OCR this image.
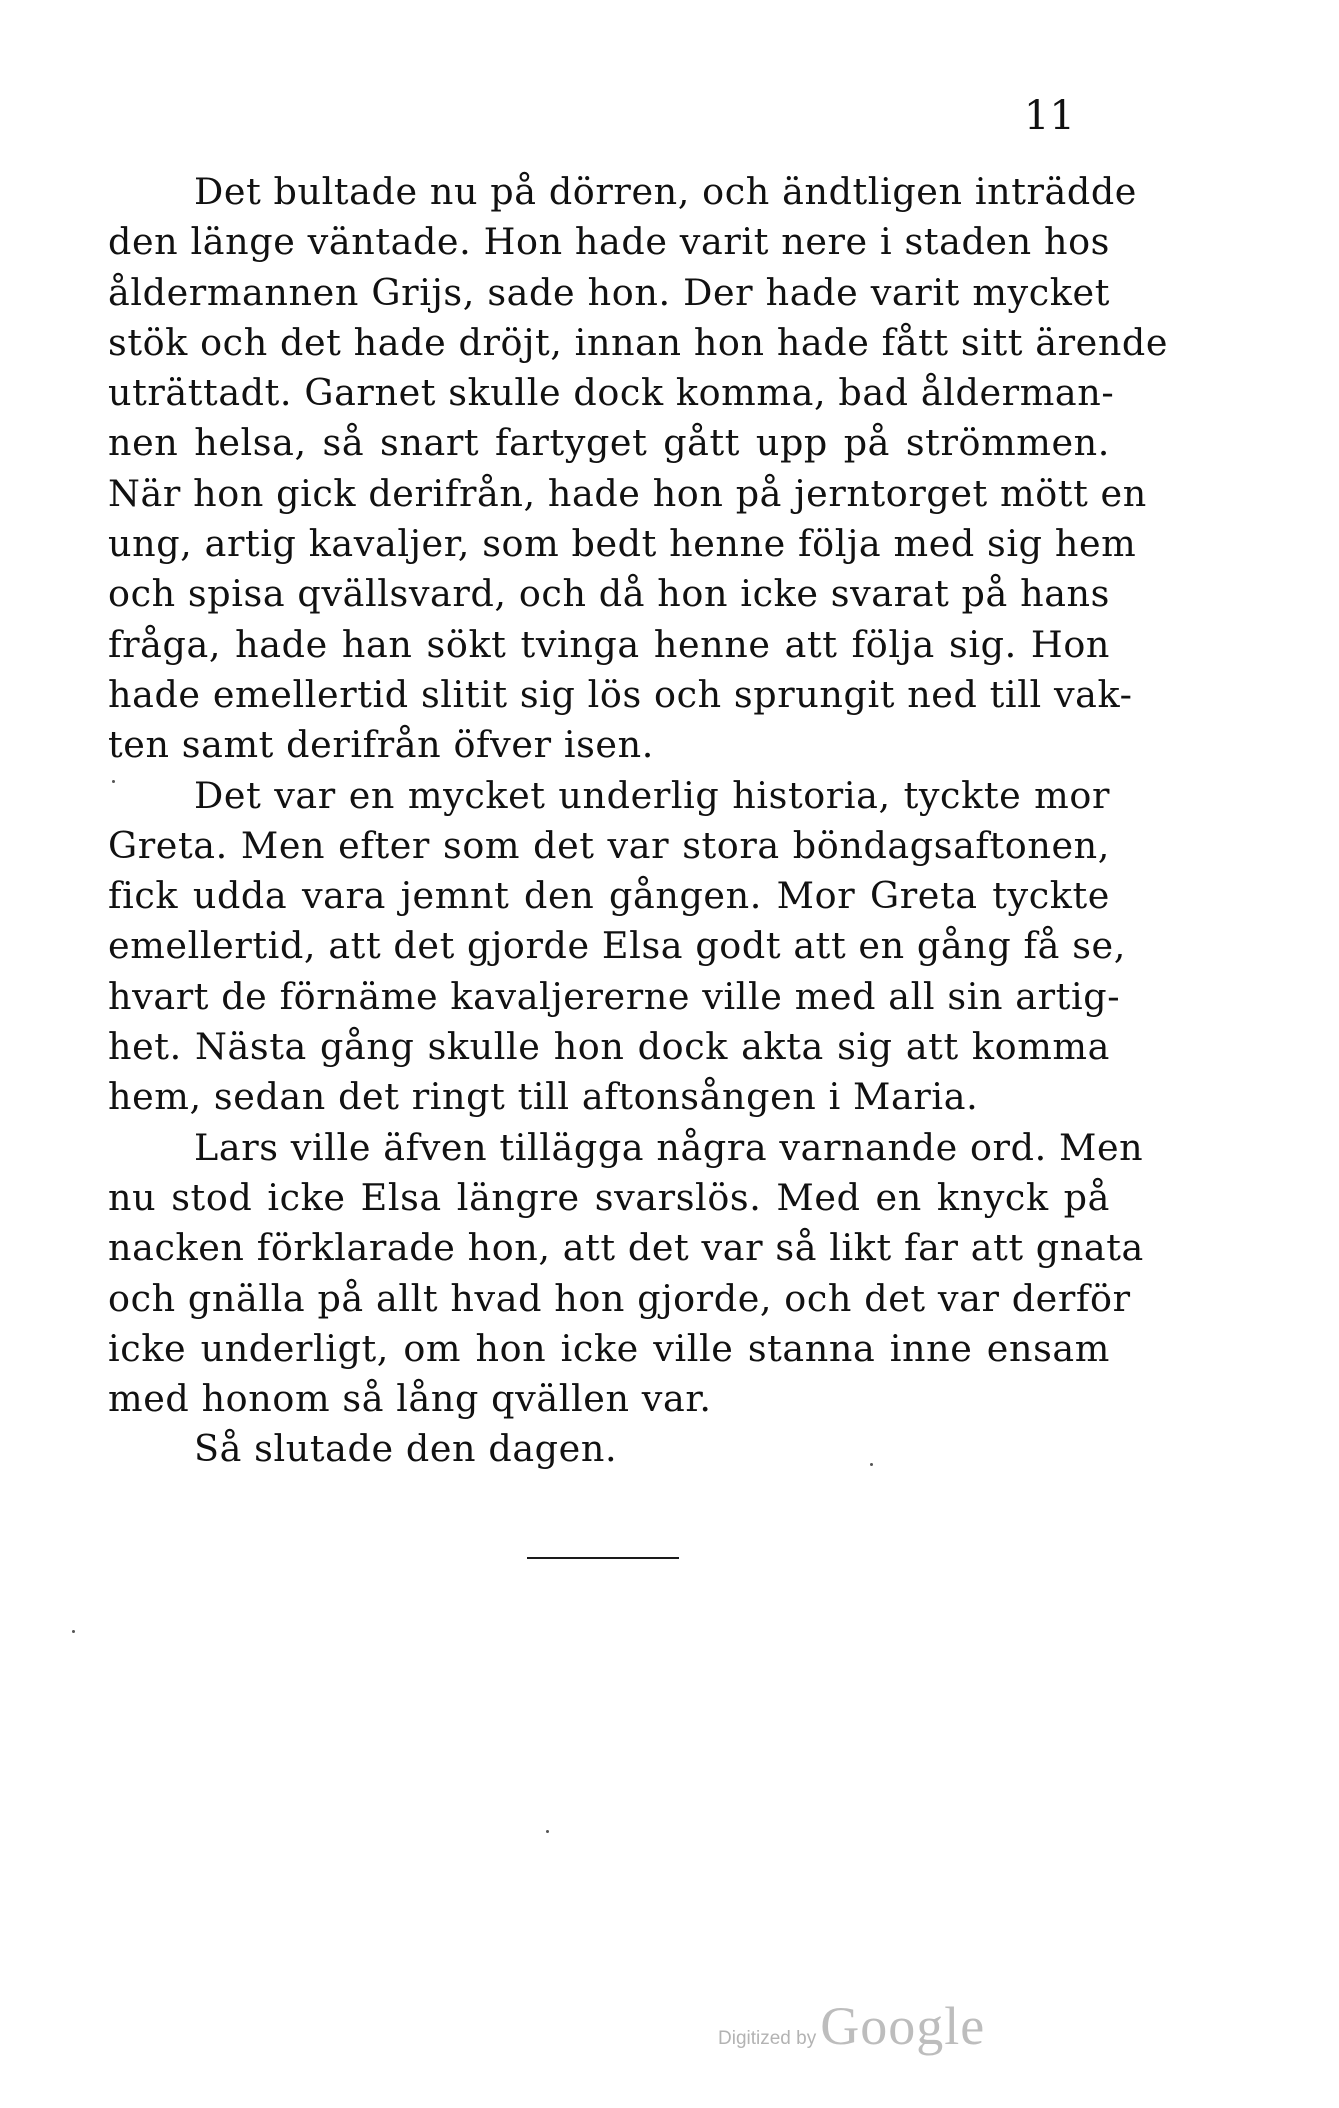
11
Det bultade nu på dörren, och ändtligen inträdde
den länge väntade. Hon hade varit nere i staden hos
åldermannen Grijs, sade hon. Der hade varit mycket
stök och det hade dröjt, innan hon hade fått sitt ärende
uträttadt. Garnet skulle dock komma, bad ålderman-
nen helsa, så snart fartyget gått upp på strömmen.
När hon gick derifrån, hade hon på jerntorget mött en
ung, artig kavaljer, som bedt henne följa med sig hem
och spisa qvällsvard, och då hon icke svarat på hans
fråga, hade han sökt tvinga henne att följa sig. Hon
hade emellertid slitit sig lös och sprungit ned till vak-
ten samt derifrån öfver isen.
Det var en mycket underlig historia, tyckte mor
Greta. Men efter som det var stora böndagsaftonen,
fick udda vara jemnt den gången. Mor Greta tyckte
emellertid, att det gjorde Elsa godt att en gång få se,
hvart de förnäme kavaljererne ville med all sin artig-
het. Nästa gång skulle hon dock akta sig att komma
hem, sedan det ringt till aftonsången i Maria.
Lars ville äfven tillägga några varnande ord. Men
nu stod icke Elsa längre svarslös. Med en knyck på
nacken förklarade hon, att det var så likt far att gnata
och gnälla på allt hvad hon gjorde, och det var derför
icke underligt, om hon icke ville stanna inne ensam
med honom så lång qvällen var.
Så slutade den dagen.
Digitized by Google
